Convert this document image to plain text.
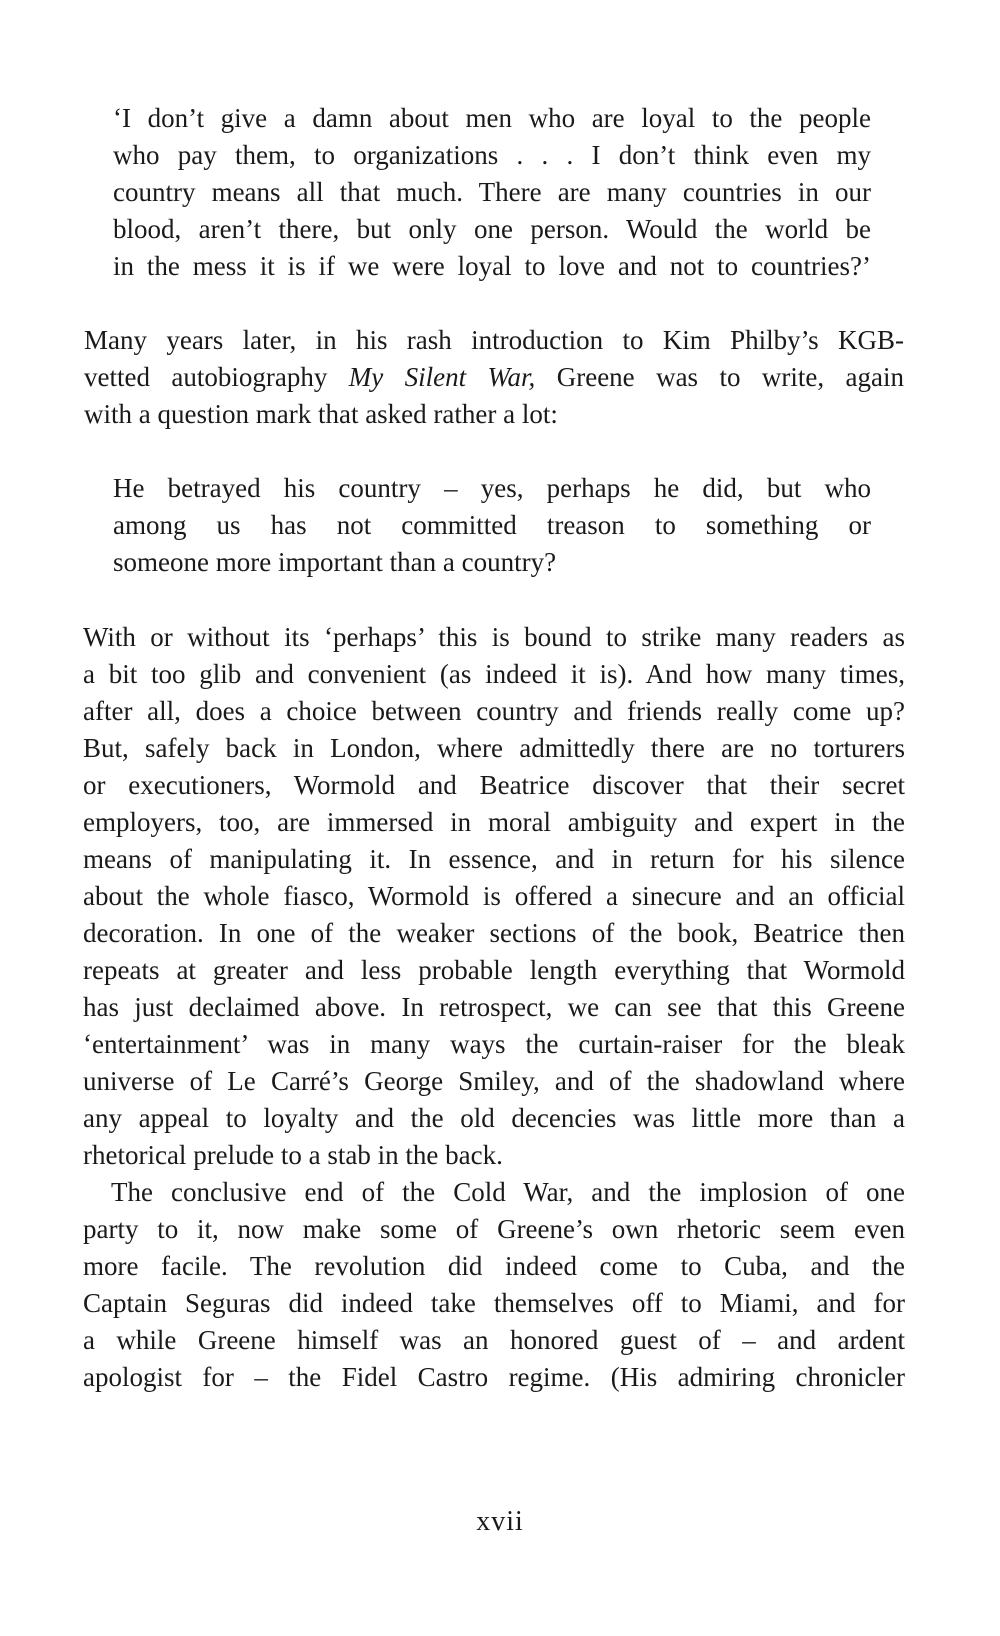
‘I don’t give a damn about men who are loyal to the people
who pay them, to organizations . . . I don’t think even my
country means all that much. There are many countries in our
blood, aren’t there, but only one person. Would the world be
in the mess it is if we were loyal to love and not to countries?’
Many years later, in his rash introduction to Kim Philby’s KGB-
vetted autobiography My Silent War, Greene was to write, again
with a question mark that asked rather a lot:
He betrayed his country – yes, perhaps he did, but who
among us has not committed treason to something or
someone more important than a country?
With or without its ‘perhaps’ this is bound to strike many readers as
a bit too glib and convenient (as indeed it is). And how many times,
after all, does a choice between country and friends really come up?
But, safely back in London, where admittedly there are no torturers
or executioners, Wormold and Beatrice discover that their secret
employers, too, are immersed in moral ambiguity and expert in the
means of manipulating it. In essence, and in return for his silence
about the whole fiasco, Wormold is offered a sinecure and an official
decoration. In one of the weaker sections of the book, Beatrice then
repeats at greater and less probable length everything that Wormold
has just declaimed above. In retrospect, we can see that this Greene
‘entertainment’ was in many ways the curtain-raiser for the bleak
universe of Le Carré’s George Smiley, and of the shadowland where
any appeal to loyalty and the old decencies was little more than a
rhetorical prelude to a stab in the back.
The conclusive end of the Cold War, and the implosion of one
party to it, now make some of Greene’s own rhetoric seem even
more facile. The revolution did indeed come to Cuba, and the
Captain Seguras did indeed take themselves off to Miami, and for
a while Greene himself was an honored guest of – and ardent
apologist for – the Fidel Castro regime. (His admiring chronicler
xvii
